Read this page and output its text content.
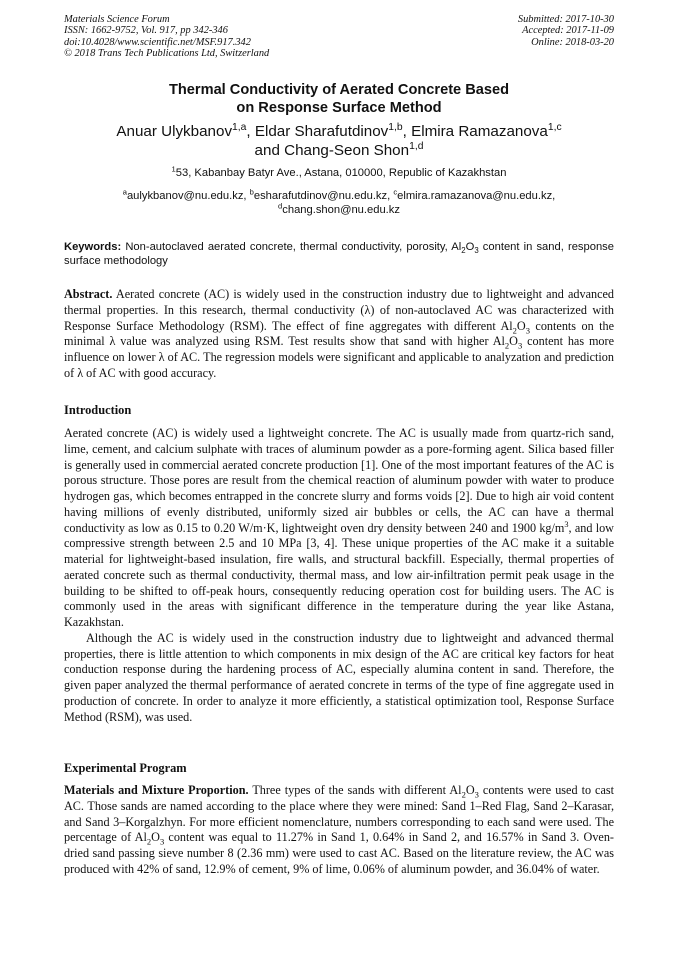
Materials Science Forum
ISSN: 1662-9752, Vol. 917, pp 342-346
doi:10.4028/www.scientific.net/MSF.917.342
© 2018 Trans Tech Publications Ltd, Switzerland
Submitted: 2017-10-30
Accepted: 2017-11-09
Online: 2018-03-20
Thermal Conductivity of Aerated Concrete Based
on Response Surface Method
Anuar Ulykbanov$^{1,a}$, Eldar Sharafutdinov$^{1,b}$, Elmira Ramazanova$^{1,c}$
and Chang-Seon Shon$^{1,d}$
$^1$53, Kabanbay Batyr Ave., Astana, 010000, Republic of Kazakhstan
$^a$aulykbanov@nu.edu.kz, $^b$esharafutdinov@nu.edu.kz, $^c$elmira.ramazanova@nu.edu.kz,
$^d$chang.shon@nu.edu.kz
Keywords: Non-autoclaved aerated concrete, thermal conductivity, porosity, $Al_2O_3$ content in sand, response surface methodology

Abstract. Aerated concrete (AC) is widely used in the construction industry due to lightweight and advanced thermal properties. In this research, thermal conductivity (λ) of non-autoclaved AC was characterized with Response Surface Methodology (RSM). The effect of fine aggregates with different $Al_2O_3$ contents on the minimal λ value was analyzed using RSM. Test results show that sand with higher $Al_2O_3$ content has more influence on lower λ of AC. The regression models were significant and applicable to analyzation and prediction of λ of AC with good accuracy.

Introduction

Aerated concrete (AC) is widely used a lightweight concrete. The AC is usually made from quartz-rich sand, lime, cement, and calcium sulphate with traces of aluminum powder as a pore-forming agent. Silica based filler is generally used in commercial aerated concrete production [1]. One of the most important features of the AC is porous structure. Those pores are result from the chemical reaction of aluminum powder with water to produce hydrogen gas, which becomes entrapped in the concrete slurry and forms voids [2]. Due to high air void content having millions of evenly distributed, uniformly sized air bubbles or cells, the AC can have a thermal conductivity as low as 0.15 to 0.20 W/m·K, lightweight oven dry density between 240 and 1900 $kg/m^3$, and low compressive strength between 2.5 and 10 MPa [3, 4]. These unique properties of the AC make it a suitable material for lightweight-based insulation, fire walls, and structural backfill. Especially, thermal properties of aerated concrete such as thermal conductivity, thermal mass, and low air-infiltration permit peak usage in the building to be shifted to off-peak hours, consequently reducing operation cost for building users. The AC is commonly used in the areas with significant difference in the temperature during the year like Astana, Kazakhstan.

Although the AC is widely used in the construction industry due to lightweight and advanced thermal properties, there is little attention to which components in mix design of the AC are critical key factors for heat conduction response during the hardening process of AC, especially alumina content in sand. Therefore, the given paper analyzed the thermal performance of aerated concrete in terms of the type of fine aggregate used in production of concrete. In order to analyze it more efficiently, a statistical optimization tool, Response Surface Method (RSM), was used.

Experimental Program

Materials and Mixture Proportion. Three types of the sands with different $Al_2O_3$ contents were used to cast AC. Those sands are named according to the place where they were mined: Sand 1–Red Flag, Sand 2–Karasar, and Sand 3–Korgalzhyn. For more efficient nomenclature, numbers corresponding to each sand were used. The percentage of $Al_2O_3$ content was equal to 11.27% in Sand 1, 0.64% in Sand 2, and 16.57% in Sand 3. Oven-dried sand passing sieve number 8 (2.36 mm) were used to cast AC. Based on the literature review, the AC was produced with 42% of sand, 12.9% of cement, 9% of lime, 0.06% of aluminum powder, and 36.04% of water.
